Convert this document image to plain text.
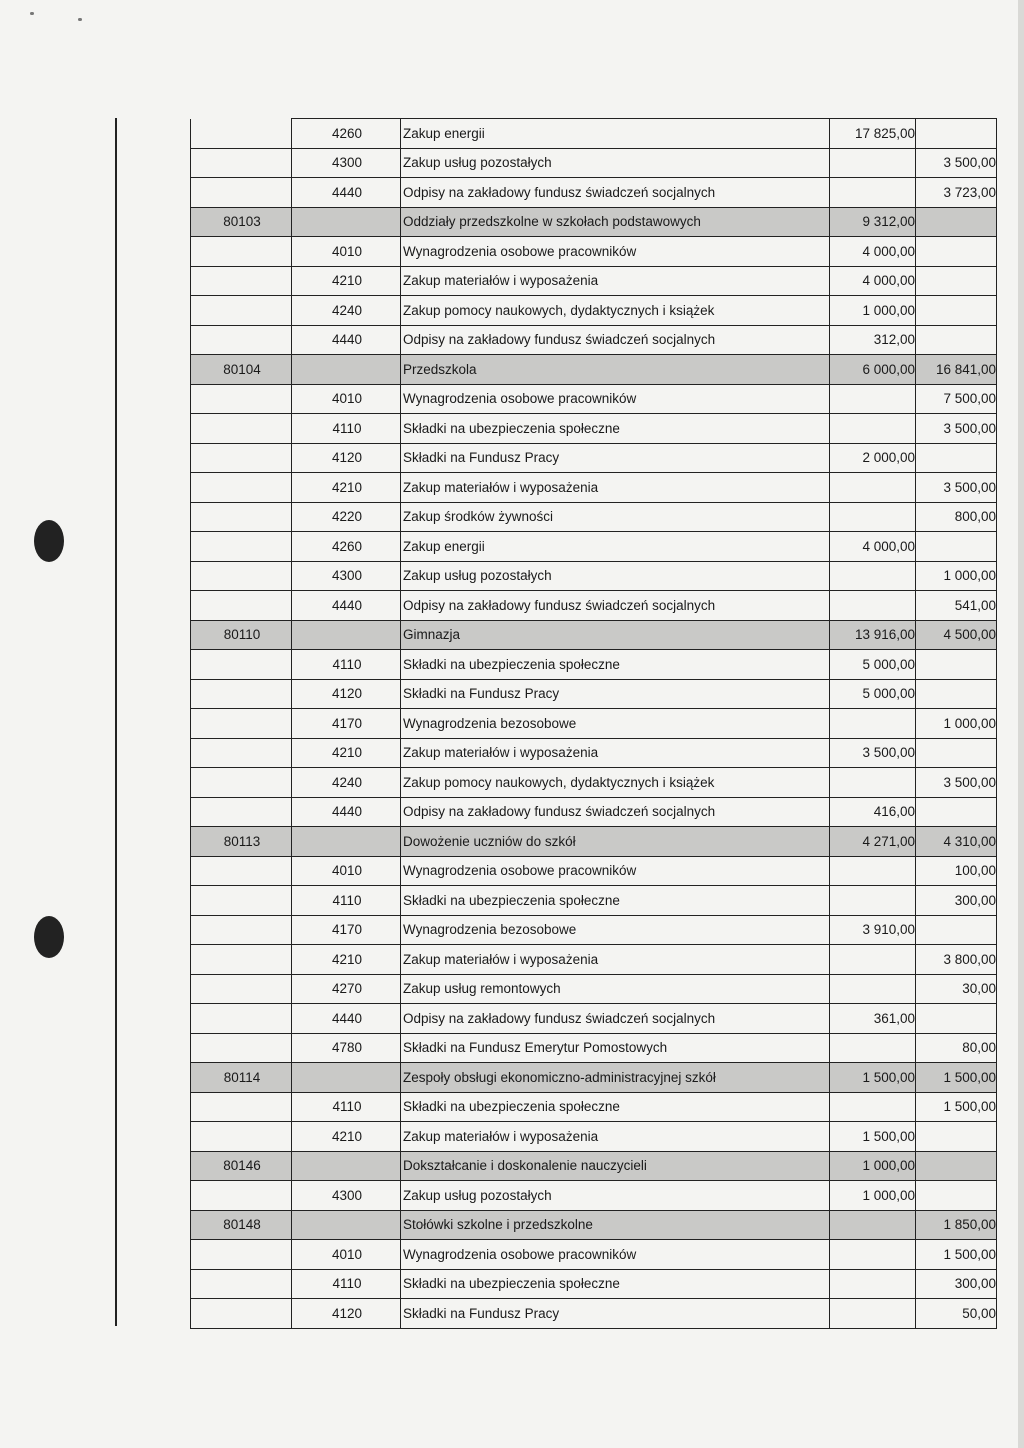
	4260	Zakup energii	17 825,00	
	4300	Zakup usług pozostałych		3 500,00
	4440	Odpisy na zakładowy fundusz świadczeń socjalnych		3 723,00
80103		Oddziały przedszkolne w szkołach podstawowych	9 312,00	
	4010	Wynagrodzenia osobowe pracowników	4 000,00	
	4210	Zakup materiałów i wyposażenia	4 000,00	
	4240	Zakup pomocy naukowych, dydaktycznych i książek	1 000,00	
	4440	Odpisy na zakładowy fundusz świadczeń socjalnych	312,00	
80104		Przedszkola	6 000,00	16 841,00
	4010	Wynagrodzenia osobowe pracowników		7 500,00
	4110	Składki na ubezpieczenia społeczne		3 500,00
	4120	Składki na Fundusz Pracy	2 000,00	
	4210	Zakup materiałów i wyposażenia		3 500,00
	4220	Zakup środków żywności		800,00
	4260	Zakup energii	4 000,00	
	4300	Zakup usług pozostałych		1 000,00
	4440	Odpisy na zakładowy fundusz świadczeń socjalnych		541,00
80110		Gimnazja	13 916,00	4 500,00
	4110	Składki na ubezpieczenia społeczne	5 000,00	
	4120	Składki na Fundusz Pracy	5 000,00	
	4170	Wynagrodzenia bezosobowe		1 000,00
	4210	Zakup materiałów i wyposażenia	3 500,00	
	4240	Zakup pomocy naukowych, dydaktycznych i książek		3 500,00
	4440	Odpisy na zakładowy fundusz świadczeń socjalnych	416,00	
80113		Dowożenie uczniów do szkół	4 271,00	4 310,00
	4010	Wynagrodzenia osobowe pracowników		100,00
	4110	Składki na ubezpieczenia społeczne		300,00
	4170	Wynagrodzenia bezosobowe	3 910,00	
	4210	Zakup materiałów i wyposażenia		3 800,00
	4270	Zakup usług remontowych		30,00
	4440	Odpisy na zakładowy fundusz świadczeń socjalnych	361,00	
	4780	Składki na Fundusz Emerytur Pomostowych		80,00
80114		Zespoły obsługi ekonomiczno-administracyjnej szkół	1 500,00	1 500,00
	4110	Składki na ubezpieczenia społeczne		1 500,00
	4210	Zakup materiałów i wyposażenia	1 500,00	
80146		Dokształcanie i doskonalenie nauczycieli	1 000,00	
	4300	Zakup usług pozostałych	1 000,00	
80148		Stołówki szkolne i przedszkolne		1 850,00
	4010	Wynagrodzenia osobowe pracowników		1 500,00
	4110	Składki na ubezpieczenia społeczne		300,00
	4120	Składki na Fundusz Pracy		50,00
